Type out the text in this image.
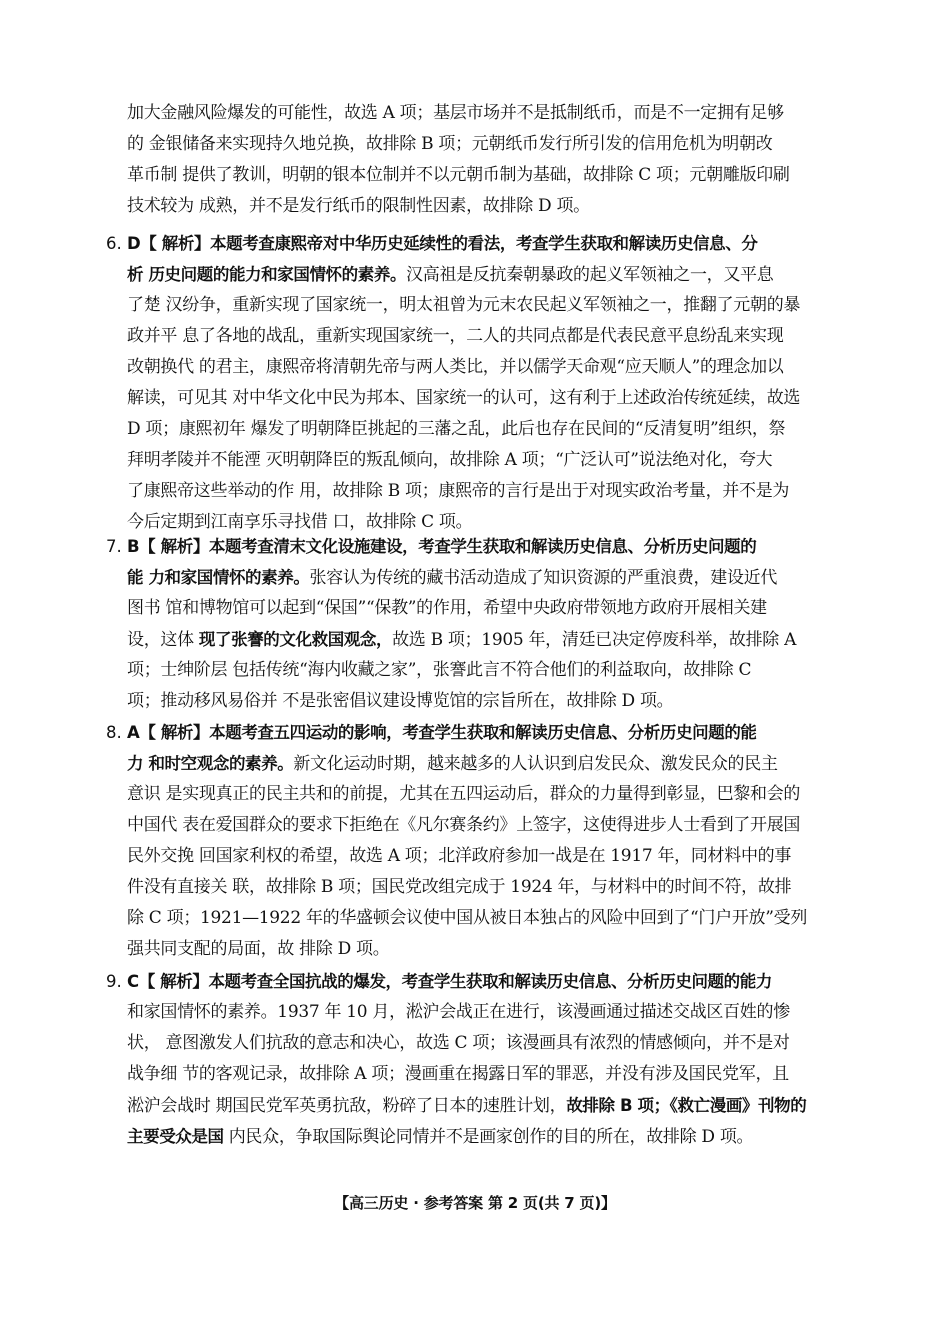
加大金融风险爆发的可能性，故选 A 项；基层市场并不是抵制纸币，而是不一定拥有足够
的 金银储备来实现持久地兑换，故排除 B 项；元朝纸币发行所引发的信用危机为明朝改
革币制 提供了教训，明朝的银本位制并不以元朝币制为基础，故排除 C 项；元朝雕版印刷
技术较为 成熟，并不是发行纸币的限制性因素，故排除 D 项。
6. D【 解析】本题考查康熙帝对中华历史延续性的看法，考查学生获取和解读历史信息、分
析 历史问题的能力和家国情怀的素养。汉高祖是反抗秦朝暴政的起义军领袖之一，又平息
了楚 汉纷争，重新实现了国家统一，明太祖曾为元末农民起义军领袖之一，推翻了元朝的暴
政并平 息了各地的战乱，重新实现国家统一，二人的共同点都是代表民意平息纷乱来实现
改朝换代 的君主，康熙帝将清朝先帝与两人类比，并以儒学天命观“应天顺人”的理念加以
解读，可见其 对中华文化中民为邦本、国家统一的认可，这有利于上述政治传统延续，故选
D 项；康熙初年 爆发了明朝降臣挑起的三藩之乱，此后也存在民间的“反清复明”组织，祭
拜明孝陵并不能湮 灭明朝降臣的叛乱倾向，故排除 A 项；“广泛认可”说法绝对化，夸大
了康熙帝这些举动的作 用，故排除 B 项；康熙帝的言行是出于对现实政治考量，并不是为
今后定期到江南享乐寻找借 口，故排除 C 项。
7. B【 解析】本题考查清末文化设施建设，考查学生获取和解读历史信息、分析历史问题的
能 力和家国情怀的素养。张容认为传统的藏书活动造成了知识资源的严重浪费，建设近代
图书 馆和博物馆可以起到“保国”“保教”的作用，希望中央政府带领地方政府开展相关建
设，这体 现了张謇的文化救国观念，故选 B 项；1905 年，清廷已决定停废科举，故排除 A
项；士绅阶层 包括传统“海内收藏之家”，张謇此言不符合他们的利益取向，故排除 C
项；推动移风易俗并 不是张密倡议建设博览馆的宗旨所在，故排除 D 项。
8. A【 解析】本题考查五四运动的影响，考查学生获取和解读历史信息、分析历史问题的能
力 和时空观念的素养。新文化运动时期，越来越多的人认识到启发民众、激发民众的民主
意识 是实现真正的民主共和的前提，尤其在五四运动后，群众的力量得到彰显，巴黎和会的
中国代 表在爱国群众的要求下拒绝在《凡尔赛条约》上签字，这使得进步人士看到了开展国
民外交挽 回国家利权的希望，故选 A 项；北洋政府参加一战是在 1917 年，同材料中的事
件没有直接关 联，故排除 B 项；国民党改组完成于 1924 年，与材料中的时间不符，故排
除 C 项；1921—1922 年的华盛顿会议使中国从被日本独占的风险中回到了“门户开放”受列
强共同支配的局面，故 排除 D 项。
9. C【 解析】本题考查全国抗战的爆发，考查学生获取和解读历史信息、分析历史问题的能力
和家国情怀的素养。1937 年 10 月，淞沪会战正在进行，该漫画通过描述交战区百姓的惨
状， 意图激发人们抗敌的意志和决心，故选 C 项；该漫画具有浓烈的情感倾向，并不是对
战争细 节的客观记录，故排除 A 项；漫画重在揭露日军的罪恶，并没有涉及国民党军，且
淞沪会战时 期国民党军英勇抗敌，粉碎了日本的速胜计划，故排除 B 项；《救亡漫画》刊物的
主要受众是国 内民众，争取国际舆论同情并不是画家创作的目的所在，故排除 D 项。
【高三历史 · 参考答案 第 2 页(共 7 页)】
